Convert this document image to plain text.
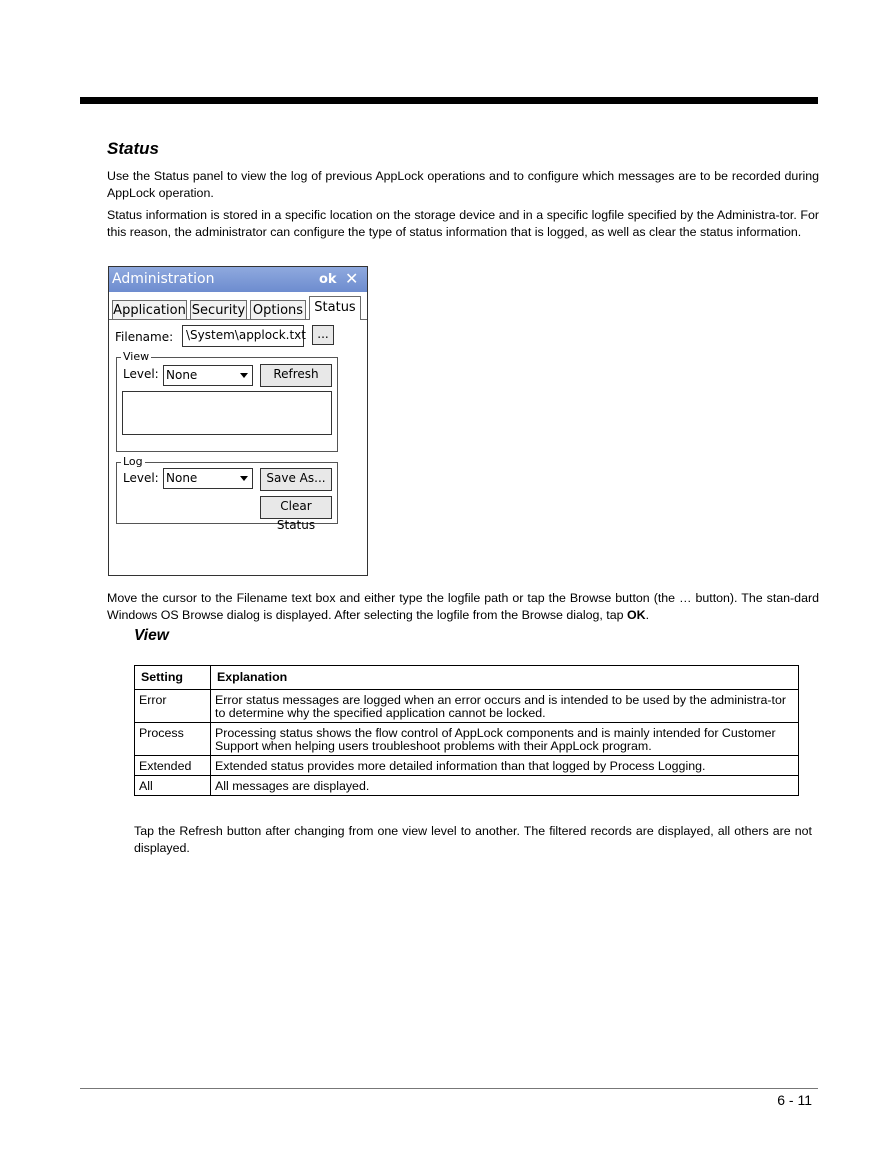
Status

Use the Status panel to view the log of previous AppLock operations and to configure which messages are to be recorded during AppLock operation.

Status information is stored in a specific location on the storage device and in a specific logfile specified by the Administra-tor. For this reason, the administrator can configure the type of status information that is logged, as well as clear the status information.

Administration	ok ✕
Application Security Options Status
Filename:	\System\applock.txt ...
View
Level: None	Refresh
Log
Level: None	Save As...
Clear Status

Move the cursor to the Filename text box and either type the logfile path or tap the Browse button (the … button). The stan-dard Windows OS Browse dialog is displayed. After selecting the logfile from the Browse dialog, tap OK.

View
Setting	Explanation
Error	Error status messages are logged when an error occurs and is intended to be used by the administra-tor to determine why the specified application cannot be locked.
Process	Processing status shows the flow control of AppLock components and is mainly intended for Customer Support when helping users troubleshoot problems with their AppLock program.
Extended	Extended status provides more detailed information than that logged by Process Logging.
All	All messages are displayed.

Tap the Refresh button after changing from one view level to another. The filtered records are displayed, all others are not displayed.

6 - 11
